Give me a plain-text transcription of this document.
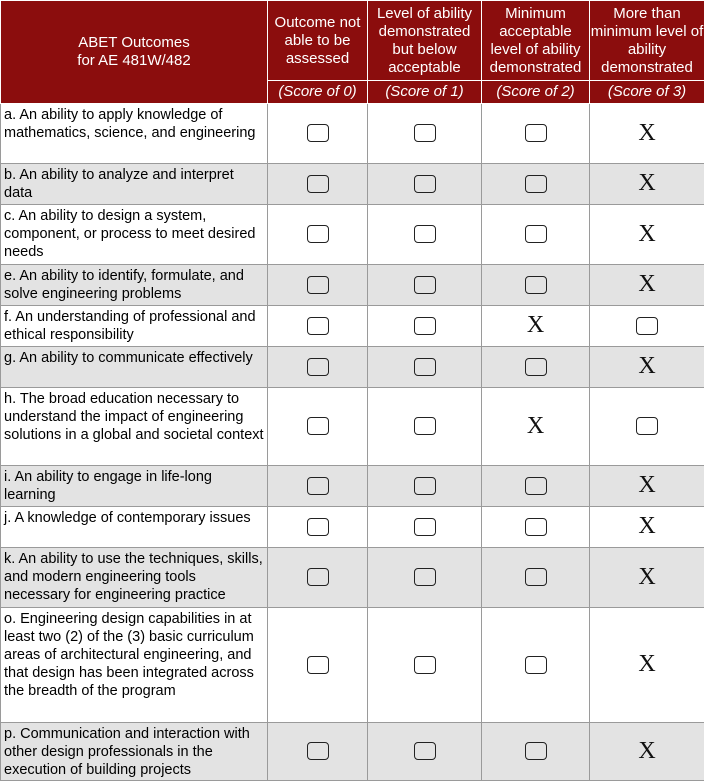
ABET Outcomes
for AE 481W/482	Outcome not able to be assessed	Level of ability demonstrated but below acceptable	Minimum acceptable level of ability demonstrated	More than minimum level of ability demonstrated
	(Score of 0)	(Score of 1)	(Score of 2)	(Score of 3)
a. An ability to apply knowledge of mathematics, science, and engineering				X
b. An ability to analyze and interpret data				X
c. An ability to design a system, component, or process to meet desired needs				X
e. An ability to identify, formulate, and solve engineering problems				X
f. An understanding of professional and ethical responsibility			X	
g. An ability to communicate effectively				X
h. The broad education necessary to understand the impact of engineering solutions in a global and societal context			X	
i. An ability to engage in life-long learning				X
j. A knowledge of contemporary issues				X
k. An ability to use the techniques, skills, and modern engineering tools necessary for engineering practice				X
o. Engineering design capabilities in at least two (2) of the (3) basic curriculum areas of architectural engineering, and that design has been integrated across the breadth of the program				X
p. Communication and interaction with other design professionals in the execution of building projects				X
